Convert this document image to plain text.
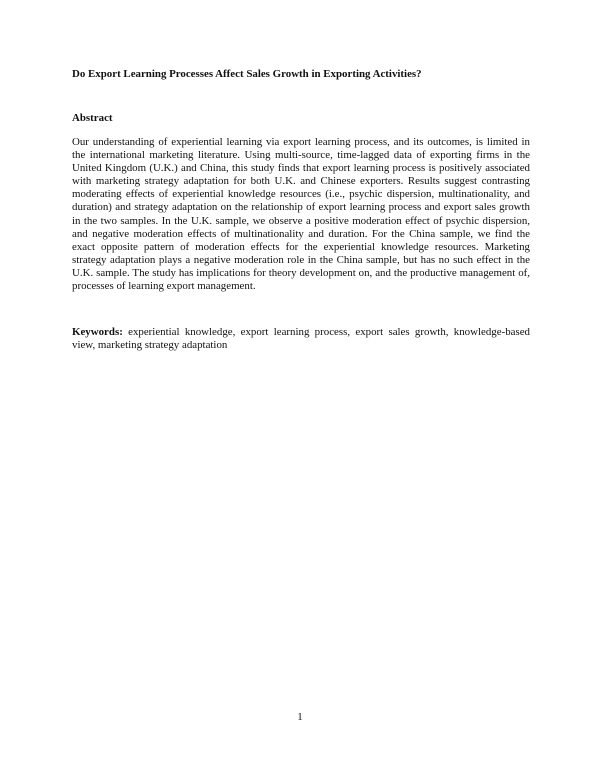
Do Export Learning Processes Affect Sales Growth in Exporting Activities?
Abstract

Our understanding of experiential learning via export learning process, and its outcomes, is limited in the international marketing literature. Using multi-source, time-lagged data of exporting firms in the United Kingdom (U.K.) and China, this study finds that export learning process is positively associated with marketing strategy adaptation for both U.K. and Chinese exporters. Results suggest contrasting moderating effects of experiential knowledge resources (i.e., psychic dispersion, multinationality, and duration) and strategy adaptation on the relationship of export learning process and export sales growth in the two samples. In the U.K. sample, we observe a positive moderation effect of psychic dispersion, and negative moderation effects of multinationality and duration. For the China sample, we find the exact opposite pattern of moderation effects for the experiential knowledge resources. Marketing strategy adaptation plays a negative moderation role in the China sample, but has no such effect in the U.K. sample. The study has implications for theory development on, and the productive management of, processes of learning export management.

Keywords: experiential knowledge, export learning process, export sales growth, knowledge-based view, marketing strategy adaptation

1
